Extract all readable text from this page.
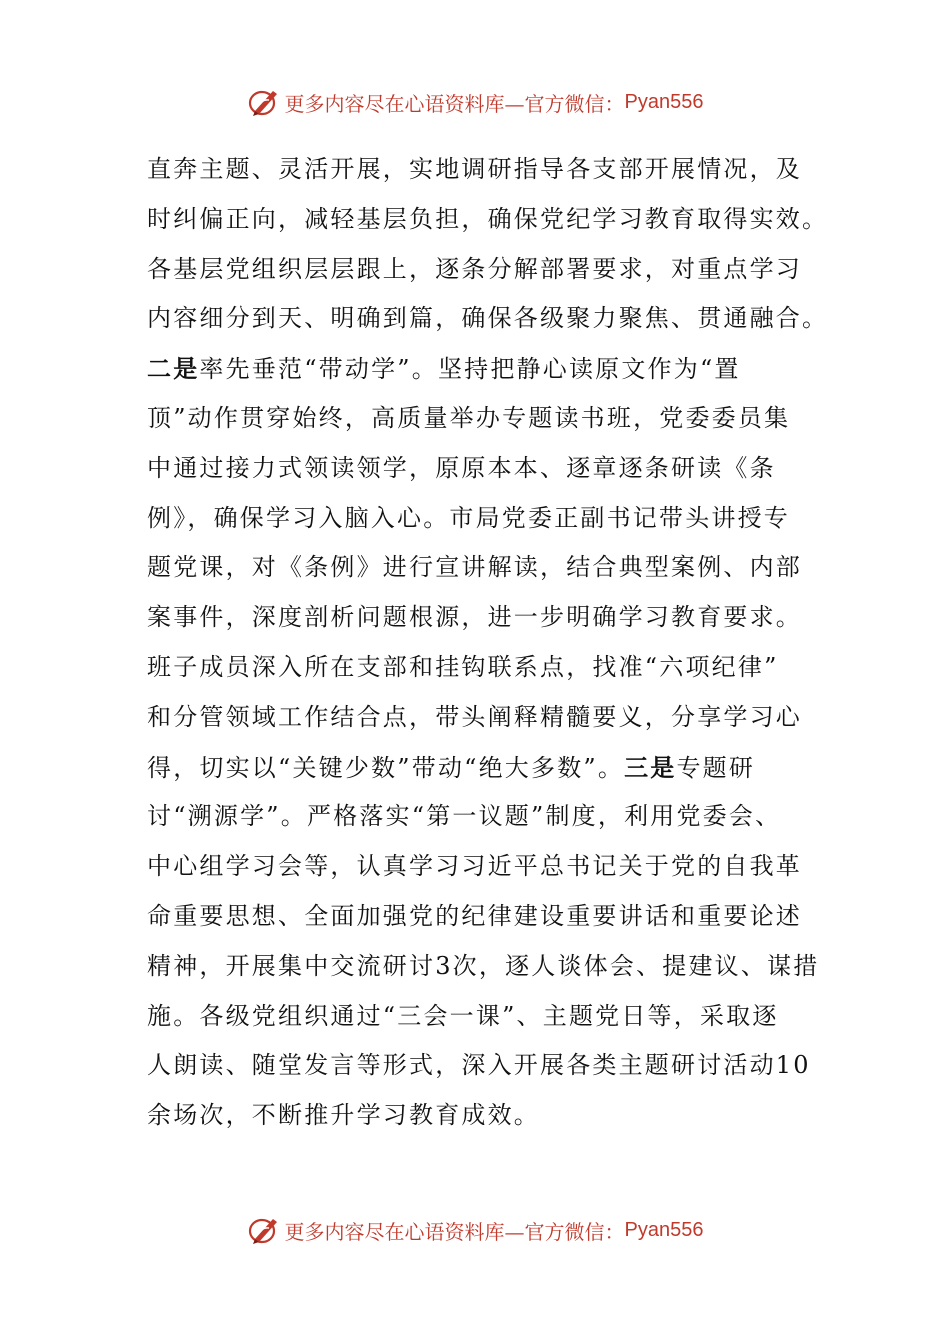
更多内容尽在心语资料库—官方微信： Pyan556
直奔主题、灵活开展，实地调研指导各支部开展情况，及
时纠偏正向，减轻基层负担，确保党纪学习教育取得实效。
各基层党组织层层跟上，逐条分解部署要求，对重点学习
内容细分到天、明确到篇，确保各级聚力聚焦、贯通融合。
二是率先垂范“带动学”。坚持把静心读原文作为“置
顶”动作贯穿始终，高质量举办专题读书班，党委委员集
中通过接力式领读领学，原原本本、逐章逐条研读《条
例》，确保学习入脑入心。市局党委正副书记带头讲授专
题党课，对《条例》进行宣讲解读，结合典型案例、内部
案事件，深度剖析问题根源，进一步明确学习教育要求。
班子成员深入所在支部和挂钩联系点，找准“六项纪律”
和分管领域工作结合点，带头阐释精髓要义，分享学习心
得，切实以“关键少数”带动“绝大多数”。三是专题研
讨“溯源学”。严格落实“第一议题”制度，利用党委会、
中心组学习会等，认真学习习近平总书记关于党的自我革
命重要思想、全面加强党的纪律建设重要讲话和重要论述
精神，开展集中交流研讨3次，逐人谈体会、提建议、谋措
施。各级党组织通过“三会一课”、主题党日等，采取逐
人朗读、随堂发言等形式，深入开展各类主题研讨活动10
余场次，不断推升学习教育成效。
更多内容尽在心语资料库—官方微信： Pyan556
